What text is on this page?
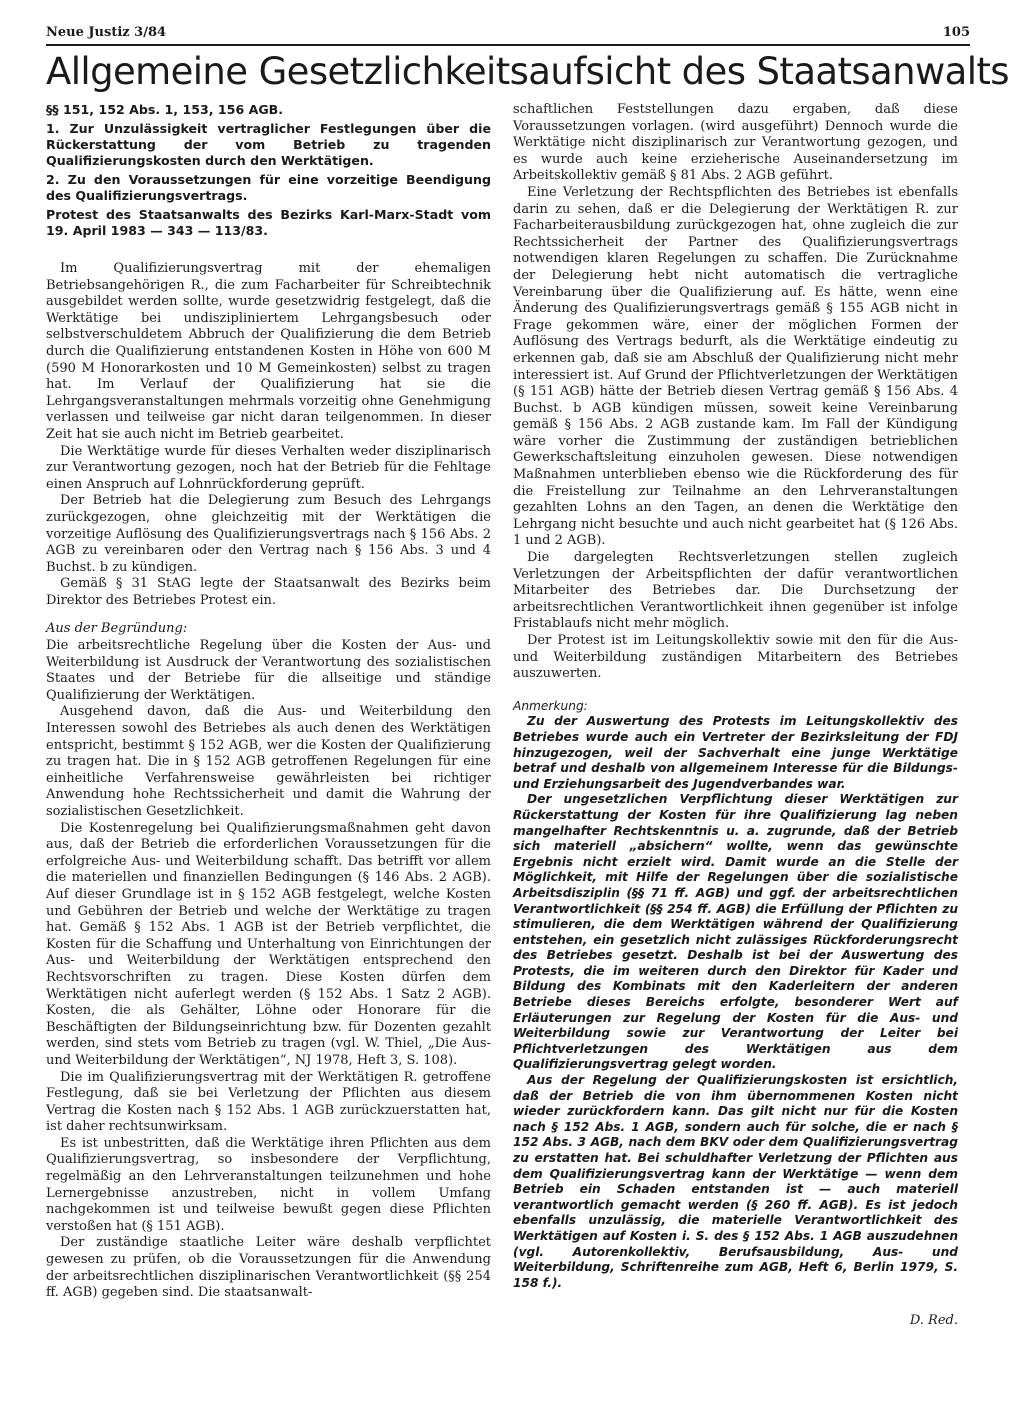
Neue Justiz 3/84	105
Allgemeine Gesetzlichkeitsaufsicht des Staatsanwalts

§§ 151, 152 Abs. 1, 153, 156 AGB.

1. Zur Unzulässigkeit vertraglicher Festlegungen über die Rückerstattung der vom Betrieb zu tragenden Qualifizierungskosten durch den Werktätigen.

2. Zu den Voraussetzungen für eine vorzeitige Beendigung des Qualifizierungsvertrags.

Protest des Staatsanwalts des Bezirks Karl-Marx-Stadt vom 19. April 1983 — 343 — 113/83.

Im Qualifizierungsvertrag mit der ehemaligen Betriebsangehörigen R., die zum Facharbeiter für Schreibtechnik ausgebildet werden sollte, wurde gesetzwidrig festgelegt, daß die Werktätige bei undiszipliniertem Lehrgangsbesuch oder selbstverschuldetem Abbruch der Qualifizierung die dem Betrieb durch die Qualifizierung entstandenen Kosten in Höhe von 600 M (590 M Honorarkosten und 10 M Gemeinkosten) selbst zu tragen hat. Im Verlauf der Qualifizierung hat sie die Lehrgangsveranstaltungen mehrmals vorzeitig ohne Genehmigung verlassen und teilweise gar nicht daran teilgenommen. In dieser Zeit hat sie auch nicht im Betrieb gearbeitet.

Die Werktätige wurde für dieses Verhalten weder disziplinarisch zur Verantwortung gezogen, noch hat der Betrieb für die Fehltage einen Anspruch auf Lohnrückforderung geprüft.

Der Betrieb hat die Delegierung zum Besuch des Lehrgangs zurückgezogen, ohne gleichzeitig mit der Werktätigen die vorzeitige Auflösung des Qualifizierungsvertrags nach § 156 Abs. 2 AGB zu vereinbaren oder den Vertrag nach § 156 Abs. 3 und 4 Buchst. b zu kündigen.

Gemäß § 31 StAG legte der Staatsanwalt des Bezirks beim Direktor des Betriebes Protest ein.

Aus der Begründung:

Die arbeitsrechtliche Regelung über die Kosten der Aus- und Weiterbildung ist Ausdruck der Verantwortung des sozialistischen Staates und der Betriebe für die allseitige und ständige Qualifizierung der Werktätigen.

Ausgehend davon, daß die Aus- und Weiterbildung den Interessen sowohl des Betriebes als auch denen des Werktätigen entspricht, bestimmt § 152 AGB, wer die Kosten der Qualifizierung zu tragen hat. Die in § 152 AGB getroffenen Regelungen für eine einheitliche Verfahrensweise gewährleisten bei richtiger Anwendung hohe Rechtssicherheit und damit die Wahrung der sozialistischen Gesetzlichkeit.

Die Kostenregelung bei Qualifizierungsmaßnahmen geht davon aus, daß der Betrieb die erforderlichen Voraussetzungen für die erfolgreiche Aus- und Weiterbildung schafft. Das betrifft vor allem die materiellen und finanziellen Bedingungen (§ 146 Abs. 2 AGB). Auf dieser Grundlage ist in § 152 AGB festgelegt, welche Kosten und Gebühren der Betrieb und welche der Werktätige zu tragen hat. Gemäß § 152 Abs. 1 AGB ist der Betrieb verpflichtet, die Kosten für die Schaffung und Unterhaltung von Einrichtungen der Aus- und Weiterbildung der Werktätigen entsprechend den Rechtsvorschriften zu tragen. Diese Kosten dürfen dem Werktätigen nicht auferlegt werden (§ 152 Abs. 1 Satz 2 AGB). Kosten, die als Gehälter, Löhne oder Honorare für die Beschäftigten der Bildungseinrichtung bzw. für Dozenten gezahlt werden, sind stets vom Betrieb zu tragen (vgl. W. Thiel, „Die Aus- und Weiterbildung der Werktätigen“, NJ 1978, Heft 3, S. 108).

Die im Qualifizierungsvertrag mit der Werktätigen R. getroffene Festlegung, daß sie bei Verletzung der Pflichten aus diesem Vertrag die Kosten nach § 152 Abs. 1 AGB zurückzuerstatten hat, ist daher rechtsunwirksam.

Es ist unbestritten, daß die Werktätige ihren Pflichten aus dem Qualifizierungsvertrag, so insbesondere der Verpflichtung, regelmäßig an den Lehrveranstaltungen teilzunehmen und hohe Lernergebnisse anzustreben, nicht in vollem Umfang nachgekommen ist und teilweise bewußt gegen diese Pflichten verstoßen hat (§ 151 AGB).

Der zuständige staatliche Leiter wäre deshalb verpflichtet gewesen zu prüfen, ob die Voraussetzungen für die Anwendung der arbeitsrechtlichen disziplinarischen Verantwortlichkeit (§§ 254 ff. AGB) gegeben sind. Die staatsanwalt-

schaftlichen Feststellungen dazu ergaben, daß diese Voraussetzungen vorlagen. (wird ausgeführt) Dennoch wurde die Werktätige nicht disziplinarisch zur Verantwortung gezogen, und es wurde auch keine erzieherische Auseinandersetzung im Arbeitskollektiv gemäß § 81 Abs. 2 AGB geführt.

Eine Verletzung der Rechtspflichten des Betriebes ist ebenfalls darin zu sehen, daß er die Delegierung der Werktätigen R. zur Facharbeiterausbildung zurückgezogen hat, ohne zugleich die zur Rechtssicherheit der Partner des Qualifizierungsvertrags notwendigen klaren Regelungen zu schaffen. Die Zurücknahme der Delegierung hebt nicht automatisch die vertragliche Vereinbarung über die Qualifizierung auf. Es hätte, wenn eine Änderung des Qualifizierungsvertrags gemäß § 155 AGB nicht in Frage gekommen wäre, einer der möglichen Formen der Auflösung des Vertrags bedurft, als die Werktätige eindeutig zu erkennen gab, daß sie am Abschluß der Qualifizierung nicht mehr interessiert ist. Auf Grund der Pflichtverletzungen der Werktätigen (§ 151 AGB) hätte der Betrieb diesen Vertrag gemäß § 156 Abs. 4 Buchst. b AGB kündigen müssen, soweit keine Vereinbarung gemäß § 156 Abs. 2 AGB zustande kam. Im Fall der Kündigung wäre vorher die Zustimmung der zuständigen betrieblichen Gewerkschaftsleitung einzuholen gewesen. Diese notwendigen Maßnahmen unterblieben ebenso wie die Rückforderung des für die Freistellung zur Teilnahme an den Lehrveranstaltungen gezahlten Lohns an den Tagen, an denen die Werktätige den Lehrgang nicht besuchte und auch nicht gearbeitet hat (§ 126 Abs. 1 und 2 AGB).

Die dargelegten Rechtsverletzungen stellen zugleich Verletzungen der Arbeitspflichten der dafür verantwortlichen Mitarbeiter des Betriebes dar. Die Durchsetzung der arbeitsrechtlichen Verantwortlichkeit ihnen gegenüber ist infolge Fristablaufs nicht mehr möglich.

Der Protest ist im Leitungskollektiv sowie mit den für die Aus- und Weiterbildung zuständigen Mitarbeitern des Betriebes auszuwerten.

Anmerkung:

Zu der Auswertung des Protests im Leitungskollektiv des Betriebes wurde auch ein Vertreter der Bezirksleitung der FDJ hinzugezogen, weil der Sachverhalt eine junge Werktätige betraf und deshalb von allgemeinem Interesse für die Bildungs- und Erziehungsarbeit des Jugendverbandes war.

Der ungesetzlichen Verpflichtung dieser Werktätigen zur Rückerstattung der Kosten für ihre Qualifizierung lag neben mangelhafter Rechtskenntnis u. a. zugrunde, daß der Betrieb sich materiell „absichern“ wollte, wenn das gewünschte Ergebnis nicht erzielt wird. Damit wurde an die Stelle der Möglichkeit, mit Hilfe der Regelungen über die sozialistische Arbeitsdisziplin (§§ 71 ff. AGB) und ggf. der arbeitsrechtlichen Verantwortlichkeit (§§ 254 ff. AGB) die Erfüllung der Pflichten zu stimulieren, die dem Werktätigen während der Qualifizierung entstehen, ein gesetzlich nicht zulässiges Rückforderungsrecht des Betriebes gesetzt. Deshalb ist bei der Auswertung des Protests, die im weiteren durch den Direktor für Kader und Bildung des Kombinats mit den Kaderleitern der anderen Betriebe dieses Bereichs erfolgte, besonderer Wert auf Erläuterungen zur Regelung der Kosten für die Aus- und Weiterbildung sowie zur Verantwortung der Leiter bei Pflichtverletzungen des Werktätigen aus dem Qualifizierungsvertrag gelegt worden.

Aus der Regelung der Qualifizierungskosten ist ersichtlich, daß der Betrieb die von ihm übernommenen Kosten nicht wieder zurückfordern kann. Das gilt nicht nur für die Kosten nach § 152 Abs. 1 AGB, sondern auch für solche, die er nach § 152 Abs. 3 AGB, nach dem BKV oder dem Qualifizierungsvertrag zu erstatten hat. Bei schuldhafter Verletzung der Pflichten aus dem Qualifizierungsvertrag kann der Werktätige — wenn dem Betrieb ein Schaden entstanden ist — auch materiell verantwortlich gemacht werden (§ 260 ff. AGB). Es ist jedoch ebenfalls unzulässig, die materielle Verantwortlichkeit des Werktätigen auf Kosten i. S. des § 152 Abs. 1 AGB auszudehnen (vgl. Autorenkollektiv, Berufsausbildung, Aus- und Weiterbildung, Schriftenreihe zum AGB, Heft 6, Berlin 1979, S. 158 f.).

D. Red.
